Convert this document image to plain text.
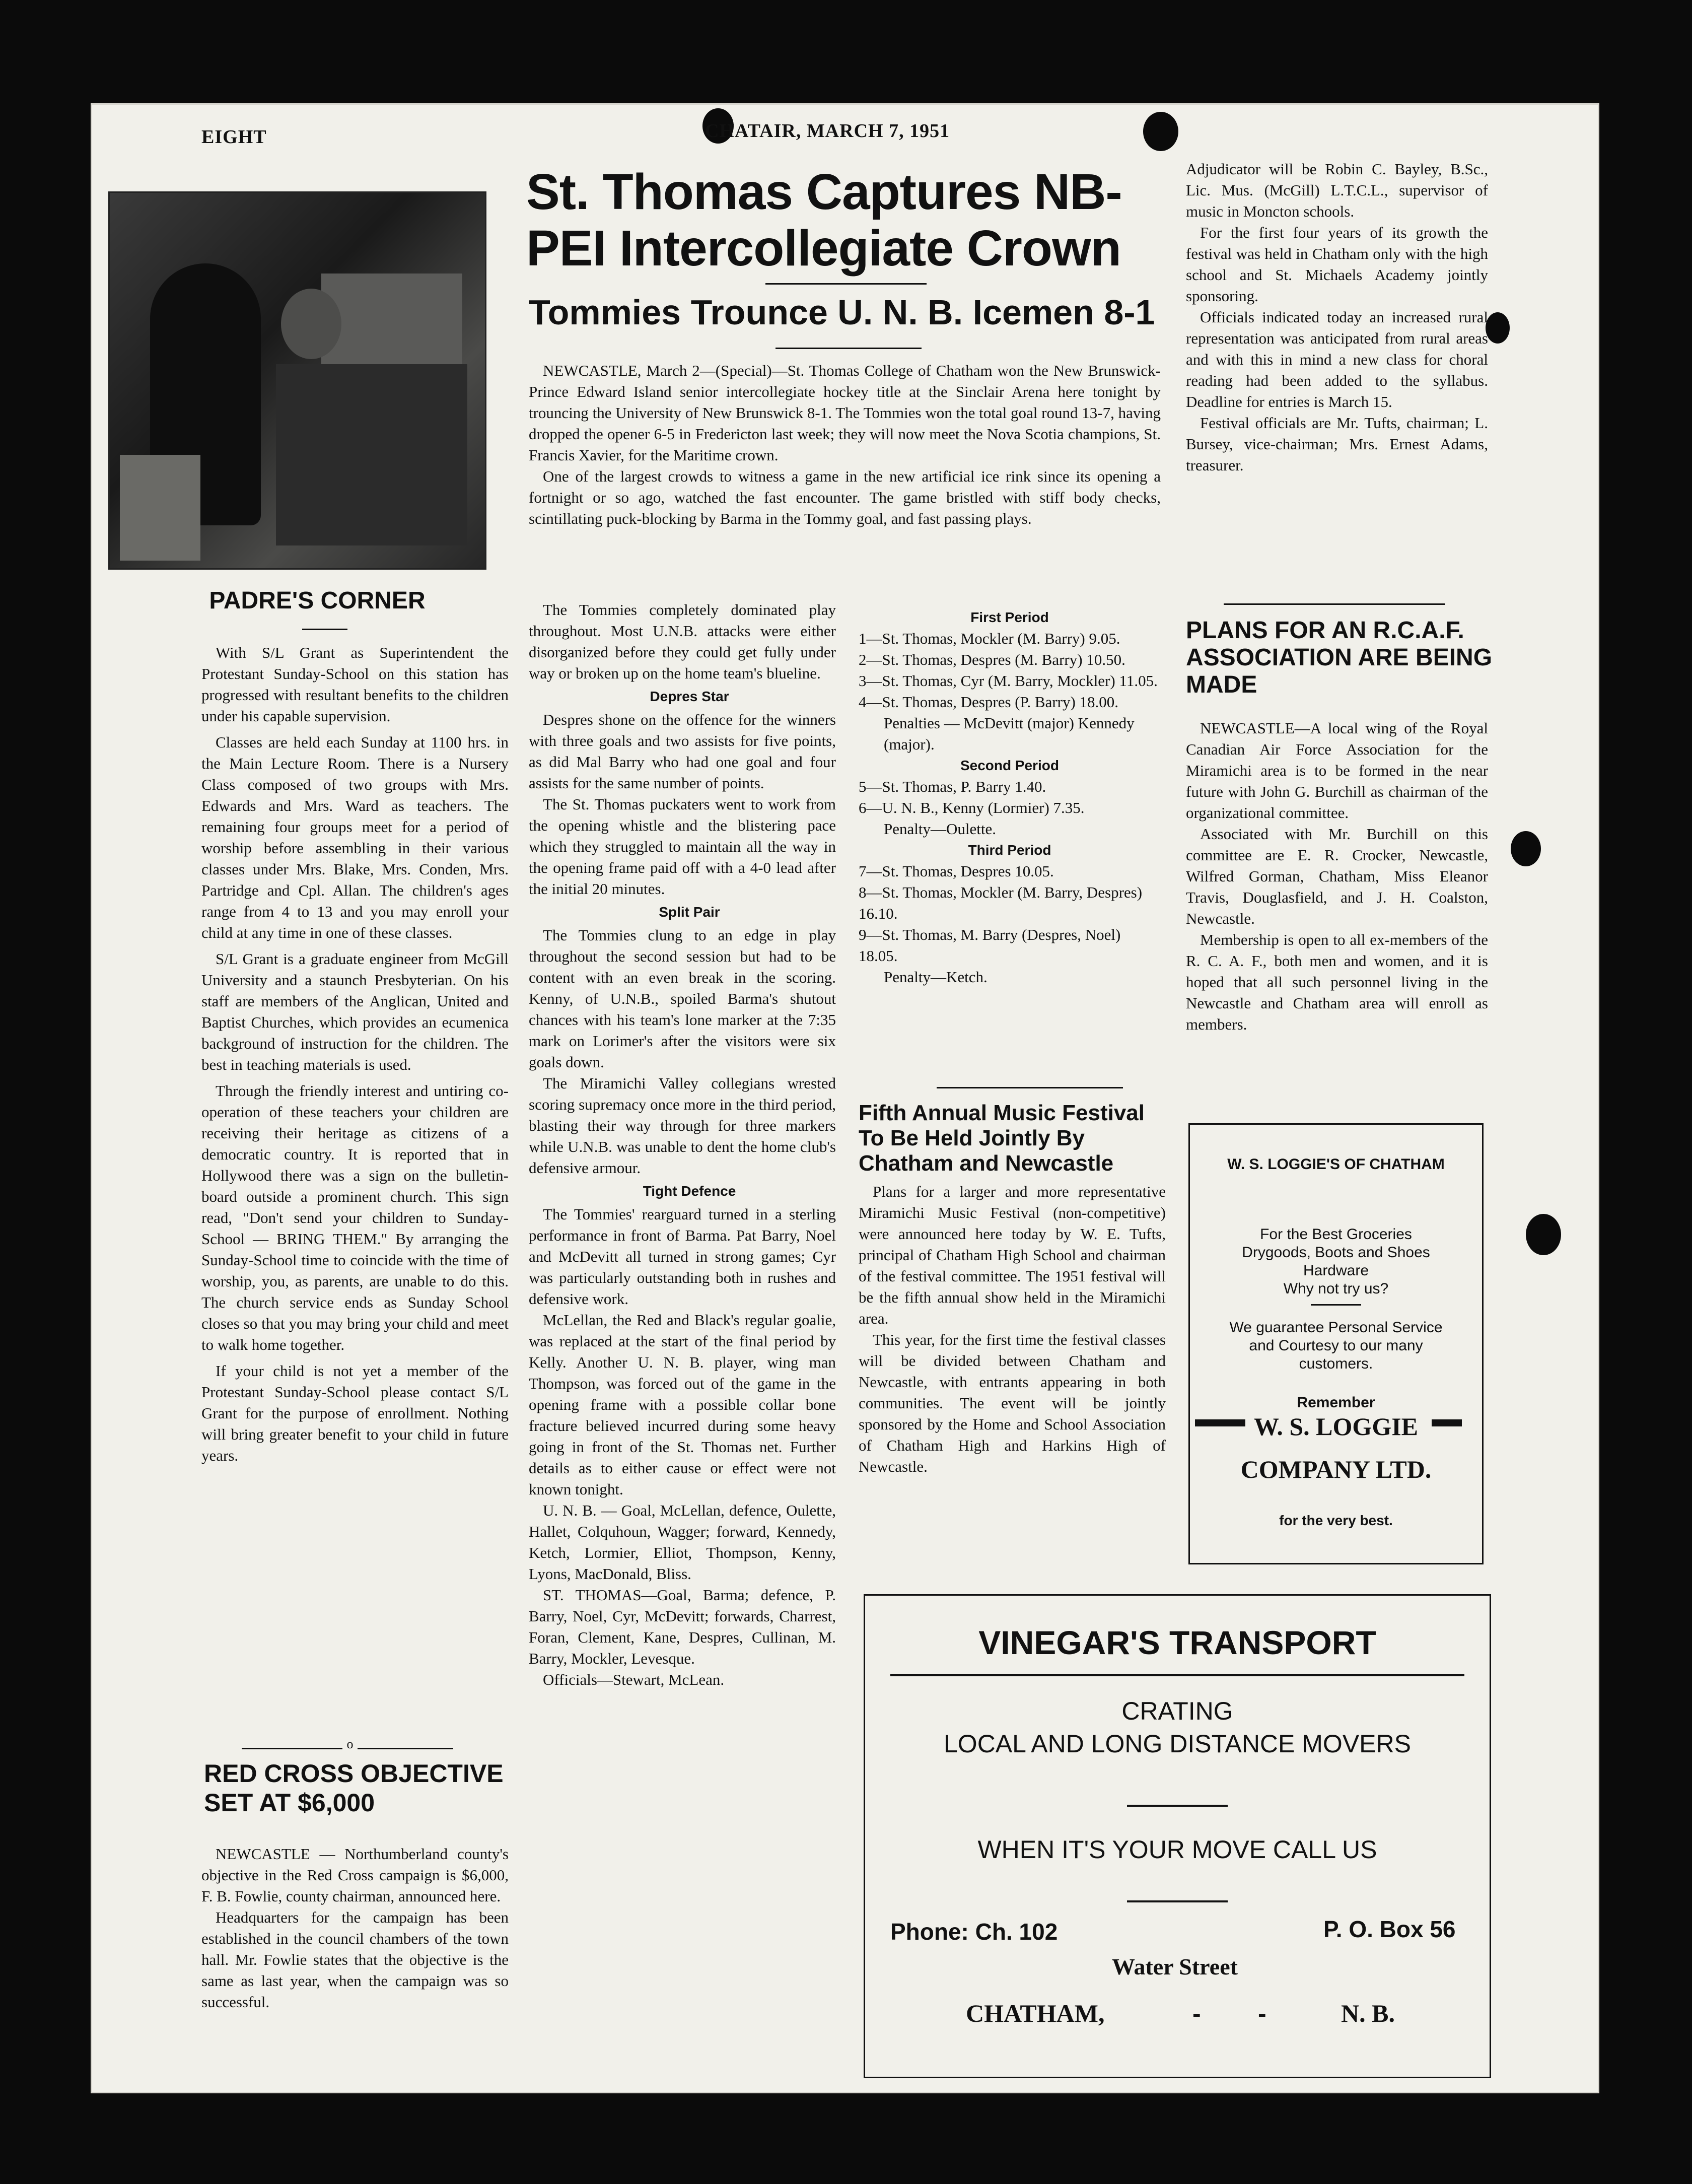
EIGHT	CHATAIR, MARCH 7, 1951
PADRE'S CORNER

With S/L Grant as Superintendent the Protestant Sunday-School on this station has progressed with resultant benefits to the children under his capable supervision.

Classes are held each Sunday at 1100 hrs. in the Main Lecture Room. There is a Nursery Class composed of two groups with Mrs. Edwards and Mrs. Ward as teachers. The remaining four groups meet for a period of worship before assembling in their various classes under Mrs. Blake, Mrs. Conden, Mrs. Partridge and Cpl. Allan. The children's ages range from 4 to 13 and you may enroll your child at any time in one of these classes.

S/L Grant is a graduate engineer from McGill University and a staunch Presbyterian. On his staff are members of the Anglican, United and Baptist Churches, which provides an ecumenica background of instruction for the children. The best in teaching materials is used.

Through the friendly interest and untiring co-operation of these teachers your children are receiving their heritage as citizens of a democratic country. It is reported that in Hollywood there was a sign on the bulletin-board outside a prominent church. This sign read, "Don't send your children to Sunday-School — BRING THEM." By arranging the Sunday-School time to coincide with the time of worship, you, as parents, are unable to do this. The church service ends as Sunday School closes so that you may bring your child and meet to walk home together.

If your child is not yet a member of the Protestant Sunday-School please contact S/L Grant for the purpose of enrollment. Nothing will bring greater benefit to your child in future years.

o
RED CROSS OBJECTIVE SET AT $6,000

NEWCASTLE — Northumberland county's objective in the Red Cross campaign is $6,000, F. B. Fowlie, county chairman, announced here.

Headquarters for the campaign has been established in the council chambers of the town hall. Mr. Fowlie states that the objective is the same as last year, when the campaign was so successful.

St. Thomas Captures NB-PEI Intercollegiate Crown
Tommies Trounce U. N. B. Icemen 8-1

NEWCASTLE, March 2—(Special)—St. Thomas College of Chatham won the New Brunswick-Prince Edward Island senior intercollegiate hockey title at the Sinclair Arena here tonight by trouncing the University of New Brunswick 8-1. The Tommies won the total goal round 13-7, having dropped the opener 6-5 in Fredericton last week; they will now meet the Nova Scotia champions, St. Francis Xavier, for the Maritime crown.

One of the largest crowds to witness a game in the new artificial ice rink since its opening a fortnight or so ago, watched the fast encounter. The game bristled with stiff body checks, scintillating puck-blocking by Barma in the Tommy goal, and fast passing plays.

The Tommies completely dominated play throughout. Most U.N.B. attacks were either disorganized before they could get fully under way or broken up on the home team's blueline.

Depres Star

Despres shone on the offence for the winners with three goals and two assists for five points, as did Mal Barry who had one goal and four assists for the same number of points.

The St. Thomas puckaters went to work from the opening whistle and the blistering pace which they struggled to maintain all the way in the opening frame paid off with a 4-0 lead after the initial 20 minutes.

Split Pair

The Tommies clung to an edge in play throughout the second session but had to be content with an even break in the scoring. Kenny, of U.N.B., spoiled Barma's shutout chances with his team's lone marker at the 7:35 mark on Lorimer's after the visitors were six goals down.

The Miramichi Valley collegians wrested scoring supremacy once more in the third period, blasting their way through for three markers while U.N.B. was unable to dent the home club's defensive armour.

Tight Defence

The Tommies' rearguard turned in a sterling performance in front of Barma. Pat Barry, Noel and McDevitt all turned in strong games; Cyr was particularly outstanding both in rushes and defensive work.

McLellan, the Red and Black's regular goalie, was replaced at the start of the final period by Kelly. Another U. N. B. player, wing man Thompson, was forced out of the game in the opening frame with a possible collar bone fracture believed incurred during some heavy going in front of the St. Thomas net. Further details as to either cause or effect were not known tonight.

U. N. B. — Goal, McLellan, defence, Oulette, Hallet, Colquhoun, Wagger; forward, Kennedy, Ketch, Lormier, Elliot, Thompson, Kenny, Lyons, MacDonald, Bliss.

ST. THOMAS—Goal, Barma; defence, P. Barry, Noel, Cyr, McDevitt; forwards, Charrest, Foran, Clement, Kane, Despres, Cullinan, M. Barry, Mockler, Levesque.

Officials—Stewart, McLean.

First Period
1—St. Thomas, Mockler (M. Barry) 9.05.
2—St. Thomas, Despres (M. Barry) 10.50.
3—St. Thomas, Cyr (M. Barry, Mockler) 11.05.
4—St. Thomas, Despres (P. Barry) 18.00.
Penalties — McDevitt (major) Kennedy (major).
Second Period
5—St. Thomas, P. Barry 1.40.
6—U. N. B., Kenny (Lormier) 7.35.
Penalty—Oulette.
Third Period
7—St. Thomas, Despres 10.05.
8—St. Thomas, Mockler (M. Barry, Despres) 16.10.
9—St. Thomas, M. Barry (Despres, Noel) 18.05.
Penalty—Ketch.
Fifth Annual Music Festival To Be Held Jointly By Chatham and Newcastle

Plans for a larger and more representative Miramichi Music Festival (non-competitive) were announced here today by W. E. Tufts, principal of Chatham High School and chairman of the festival committee. The 1951 festival will be the fifth annual show held in the Miramichi area.

This year, for the first time the festival classes will be divided between Chatham and Newcastle, with entrants appearing in both communities. The event will be jointly sponsored by the Home and School Association of Chatham High and Harkins High of Newcastle.

Adjudicator will be Robin C. Bayley, B.Sc., Lic. Mus. (McGill) L.T.C.L., supervisor of music in Moncton schools.

For the first four years of its growth the festival was held in Chatham only with the high school and St. Michaels Academy jointly sponsoring.

Officials indicated today an increased rural representation was anticipated from rural areas and with this in mind a new class for choral reading had been added to the syllabus. Deadline for entries is March 15.

Festival officials are Mr. Tufts, chairman; L. Bursey, vice-chairman; Mrs. Ernest Adams, treasurer.

PLANS FOR AN R.C.A.F. ASSOCIATION ARE BEING MADE

NEWCASTLE—A local wing of the Royal Canadian Air Force Association for the Miramichi area is to be formed in the near future with John G. Burchill as chairman of the organizational committee.

Associated with Mr. Burchill on this committee are E. R. Crocker, Newcastle, Wilfred Gorman, Chatham, Miss Eleanor Travis, Douglasfield, and J. H. Coalston, Newcastle.

Membership is open to all ex-members of the R. C. A. F., both men and women, and it is hoped that all such personnel living in the Newcastle and Chatham area will enroll as members.

W. S. LOGGIE'S OF CHATHAM
For the Best Groceries
Drygoods, Boots and Shoes
Hardware
Why not try us?
We guarantee Personal Service
and Courtesy to our many
customers.
Remember
W. S. LOGGIE
COMPANY LTD.
for the very best.
VINEGAR'S TRANSPORT
CRATING
LOCAL AND LONG DISTANCE MOVERS
WHEN IT'S YOUR MOVE CALL US
Phone: Ch. 102	P. O. Box 56
Water Street
CHATHAM,	- -	N. B.
